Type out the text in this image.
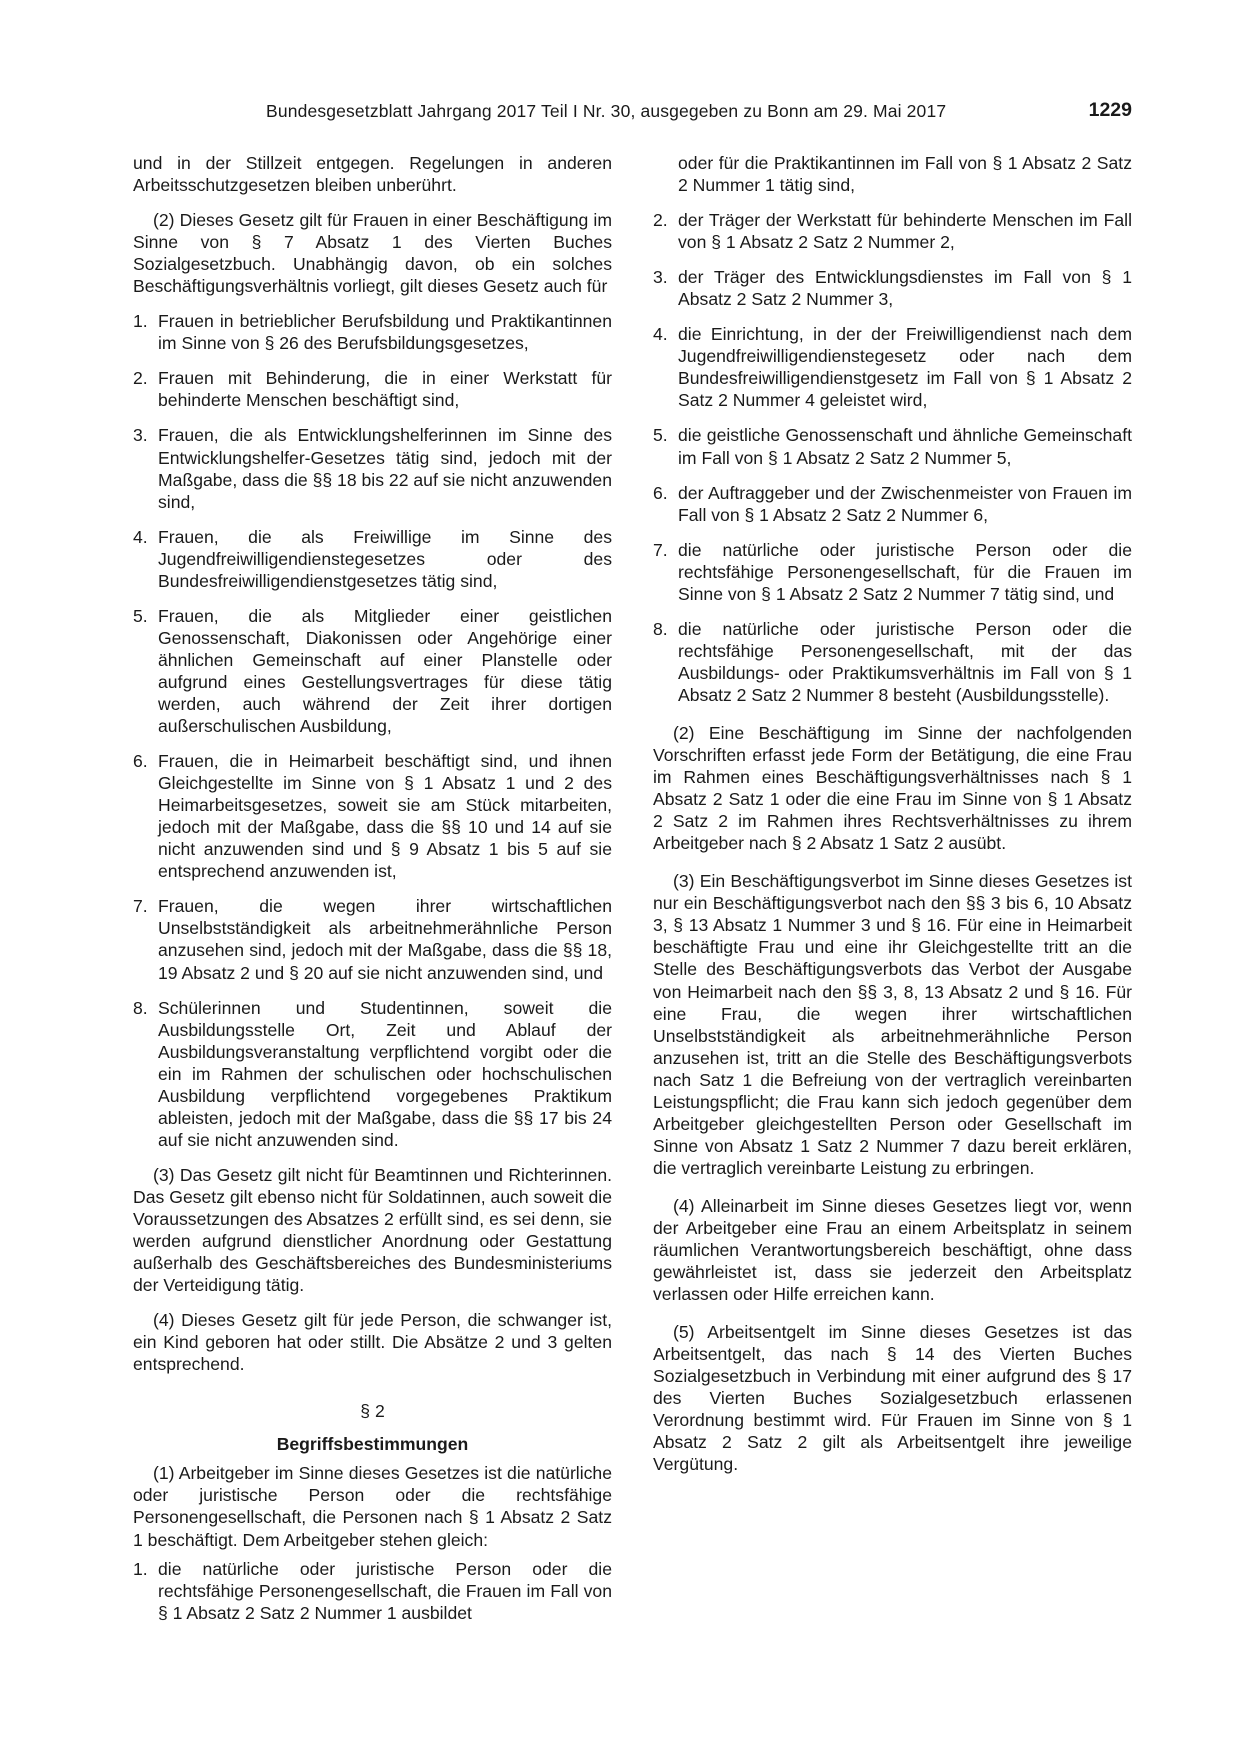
Bundesgesetzblatt Jahrgang 2017 Teil I Nr. 30, ausgegeben zu Bonn am 29. Mai 2017	1229

und in der Stillzeit entgegen. Regelungen in anderen Arbeitsschutzgesetzen bleiben unberührt.

(2) Dieses Gesetz gilt für Frauen in einer Beschäftigung im Sinne von § 7 Absatz 1 des Vierten Buches Sozialgesetzbuch. Unabhängig davon, ob ein solches Beschäftigungsverhältnis vorliegt, gilt dieses Gesetz auch für

1. Frauen in betrieblicher Berufsbildung und Praktikantinnen im Sinne von § 26 des Berufsbildungsgesetzes,
2. Frauen mit Behinderung, die in einer Werkstatt für behinderte Menschen beschäftigt sind,
3. Frauen, die als Entwicklungshelferinnen im Sinne des Entwicklungshelfer-Gesetzes tätig sind, jedoch mit der Maßgabe, dass die §§ 18 bis 22 auf sie nicht anzuwenden sind,
4. Frauen, die als Freiwillige im Sinne des Jugendfreiwilligendienstegesetzes oder des Bundesfreiwilligendienstgesetzes tätig sind,
5. Frauen, die als Mitglieder einer geistlichen Genossenschaft, Diakonissen oder Angehörige einer ähnlichen Gemeinschaft auf einer Planstelle oder aufgrund eines Gestellungsvertrages für diese tätig werden, auch während der Zeit ihrer dortigen außerschulischen Ausbildung,
6. Frauen, die in Heimarbeit beschäftigt sind, und ihnen Gleichgestellte im Sinne von § 1 Absatz 1 und 2 des Heimarbeitsgesetzes, soweit sie am Stück mitarbeiten, jedoch mit der Maßgabe, dass die §§ 10 und 14 auf sie nicht anzuwenden sind und § 9 Absatz 1 bis 5 auf sie entsprechend anzuwenden ist,
7. Frauen, die wegen ihrer wirtschaftlichen Unselbstständigkeit als arbeitnehmerähnliche Person anzusehen sind, jedoch mit der Maßgabe, dass die §§ 18, 19 Absatz 2 und § 20 auf sie nicht anzuwenden sind, und
8. Schülerinnen und Studentinnen, soweit die Ausbildungsstelle Ort, Zeit und Ablauf der Ausbildungsveranstaltung verpflichtend vorgibt oder die ein im Rahmen der schulischen oder hochschulischen Ausbildung verpflichtend vorgegebenes Praktikum ableisten, jedoch mit der Maßgabe, dass die §§ 17 bis 24 auf sie nicht anzuwenden sind.

(3) Das Gesetz gilt nicht für Beamtinnen und Richterinnen. Das Gesetz gilt ebenso nicht für Soldatinnen, auch soweit die Voraussetzungen des Absatzes 2 erfüllt sind, es sei denn, sie werden aufgrund dienstlicher Anordnung oder Gestattung außerhalb des Geschäftsbereiches des Bundesministeriums der Verteidigung tätig.

(4) Dieses Gesetz gilt für jede Person, die schwanger ist, ein Kind geboren hat oder stillt. Die Absätze 2 und 3 gelten entsprechend.

§ 2

Begriffsbestimmungen

(1) Arbeitgeber im Sinne dieses Gesetzes ist die natürliche oder juristische Person oder die rechtsfähige Personengesellschaft, die Personen nach § 1 Absatz 2 Satz 1 beschäftigt. Dem Arbeitgeber stehen gleich:

1. die natürliche oder juristische Person oder die rechtsfähige Personengesellschaft, die Frauen im Fall von § 1 Absatz 2 Satz 2 Nummer 1 ausbildet

oder für die Praktikantinnen im Fall von § 1 Absatz 2 Satz 2 Nummer 1 tätig sind,

2. der Träger der Werkstatt für behinderte Menschen im Fall von § 1 Absatz 2 Satz 2 Nummer 2,
3. der Träger des Entwicklungsdienstes im Fall von § 1 Absatz 2 Satz 2 Nummer 3,
4. die Einrichtung, in der der Freiwilligendienst nach dem Jugendfreiwilligendienstegesetz oder nach dem Bundesfreiwilligendienstgesetz im Fall von § 1 Absatz 2 Satz 2 Nummer 4 geleistet wird,
5. die geistliche Genossenschaft und ähnliche Gemeinschaft im Fall von § 1 Absatz 2 Satz 2 Nummer 5,
6. der Auftraggeber und der Zwischenmeister von Frauen im Fall von § 1 Absatz 2 Satz 2 Nummer 6,
7. die natürliche oder juristische Person oder die rechtsfähige Personengesellschaft, für die Frauen im Sinne von § 1 Absatz 2 Satz 2 Nummer 7 tätig sind, und
8. die natürliche oder juristische Person oder die rechtsfähige Personengesellschaft, mit der das Ausbildungs- oder Praktikumsverhältnis im Fall von § 1 Absatz 2 Satz 2 Nummer 8 besteht (Ausbildungsstelle).

(2) Eine Beschäftigung im Sinne der nachfolgenden Vorschriften erfasst jede Form der Betätigung, die eine Frau im Rahmen eines Beschäftigungsverhältnisses nach § 1 Absatz 2 Satz 1 oder die eine Frau im Sinne von § 1 Absatz 2 Satz 2 im Rahmen ihres Rechtsverhältnisses zu ihrem Arbeitgeber nach § 2 Absatz 1 Satz 2 ausübt.

(3) Ein Beschäftigungsverbot im Sinne dieses Gesetzes ist nur ein Beschäftigungsverbot nach den §§ 3 bis 6, 10 Absatz 3, § 13 Absatz 1 Nummer 3 und § 16. Für eine in Heimarbeit beschäftigte Frau und eine ihr Gleichgestellte tritt an die Stelle des Beschäftigungsverbots das Verbot der Ausgabe von Heimarbeit nach den §§ 3, 8, 13 Absatz 2 und § 16. Für eine Frau, die wegen ihrer wirtschaftlichen Unselbstständigkeit als arbeitnehmerähnliche Person anzusehen ist, tritt an die Stelle des Beschäftigungsverbots nach Satz 1 die Befreiung von der vertraglich vereinbarten Leistungspflicht; die Frau kann sich jedoch gegenüber dem Arbeitgeber gleichgestellten Person oder Gesellschaft im Sinne von Absatz 1 Satz 2 Nummer 7 dazu bereit erklären, die vertraglich vereinbarte Leistung zu erbringen.

(4) Alleinarbeit im Sinne dieses Gesetzes liegt vor, wenn der Arbeitgeber eine Frau an einem Arbeitsplatz in seinem räumlichen Verantwortungsbereich beschäftigt, ohne dass gewährleistet ist, dass sie jederzeit den Arbeitsplatz verlassen oder Hilfe erreichen kann.

(5) Arbeitsentgelt im Sinne dieses Gesetzes ist das Arbeitsentgelt, das nach § 14 des Vierten Buches Sozialgesetzbuch in Verbindung mit einer aufgrund des § 17 des Vierten Buches Sozialgesetzbuch erlassenen Verordnung bestimmt wird. Für Frauen im Sinne von § 1 Absatz 2 Satz 2 gilt als Arbeitsentgelt ihre jeweilige Vergütung.
